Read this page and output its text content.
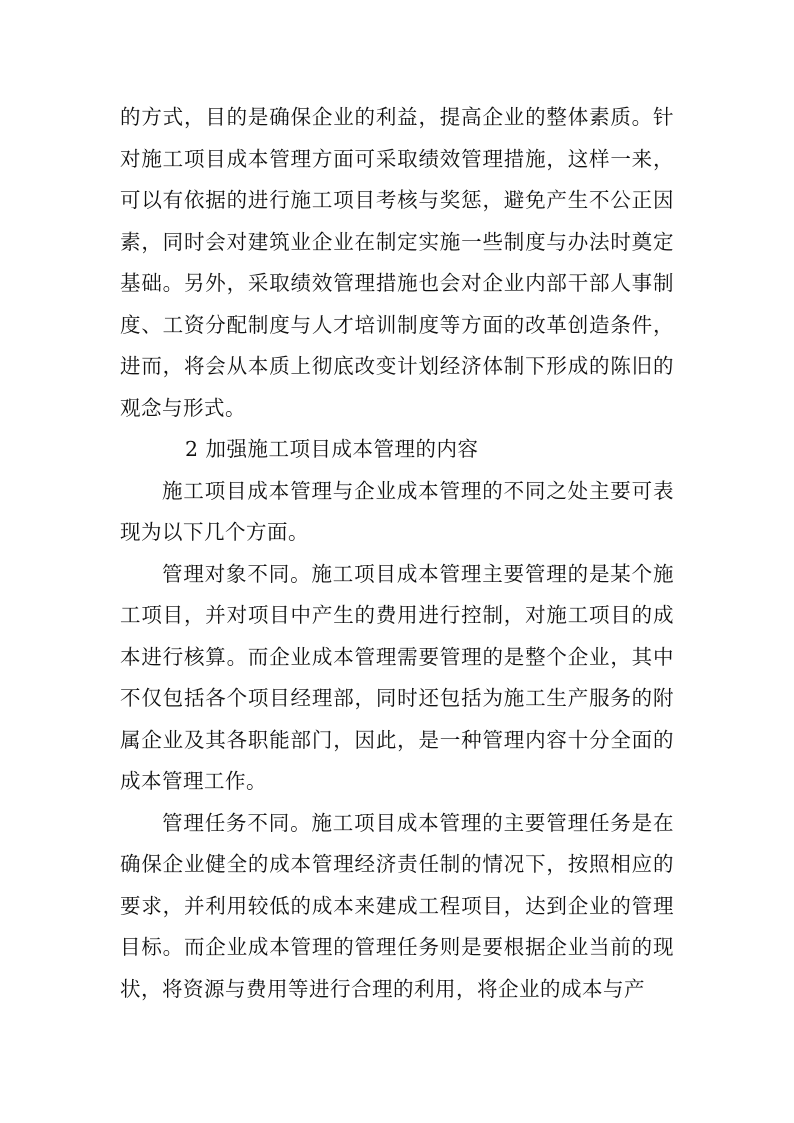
的方式，目的是确保企业的利益，提高企业的整体素质。针对施工项目成本管理方面可采取绩效管理措施，这样一来，可以有依据的进行施工项目考核与奖惩，避免产生不公正因素，同时会对建筑业企业在制定实施一些制度与办法时奠定基础。另外，采取绩效管理措施也会对企业内部干部人事制度、工资分配制度与人才培训制度等方面的改革创造条件，进而，将会从本质上彻底改变计划经济体制下形成的陈旧的观念与形式。

2 加强施工项目成本管理的内容

施工项目成本管理与企业成本管理的不同之处主要可表现为以下几个方面。

管理对象不同。施工项目成本管理主要管理的是某个施工项目，并对项目中产生的费用进行控制，对施工项目的成本进行核算。而企业成本管理需要管理的是整个企业，其中不仅包括各个项目经理部，同时还包括为施工生产服务的附属企业及其各职能部门，因此，是一种管理内容十分全面的成本管理工作。

管理任务不同。施工项目成本管理的主要管理任务是在确保企业健全的成本管理经济责任制的情况下，按照相应的要求，并利用较低的成本来建成工程项目，达到企业的管理目标。而企业成本管理的管理任务则是要根据企业当前的现状，将资源与费用等进行合理的利用，将企业的成本与产
